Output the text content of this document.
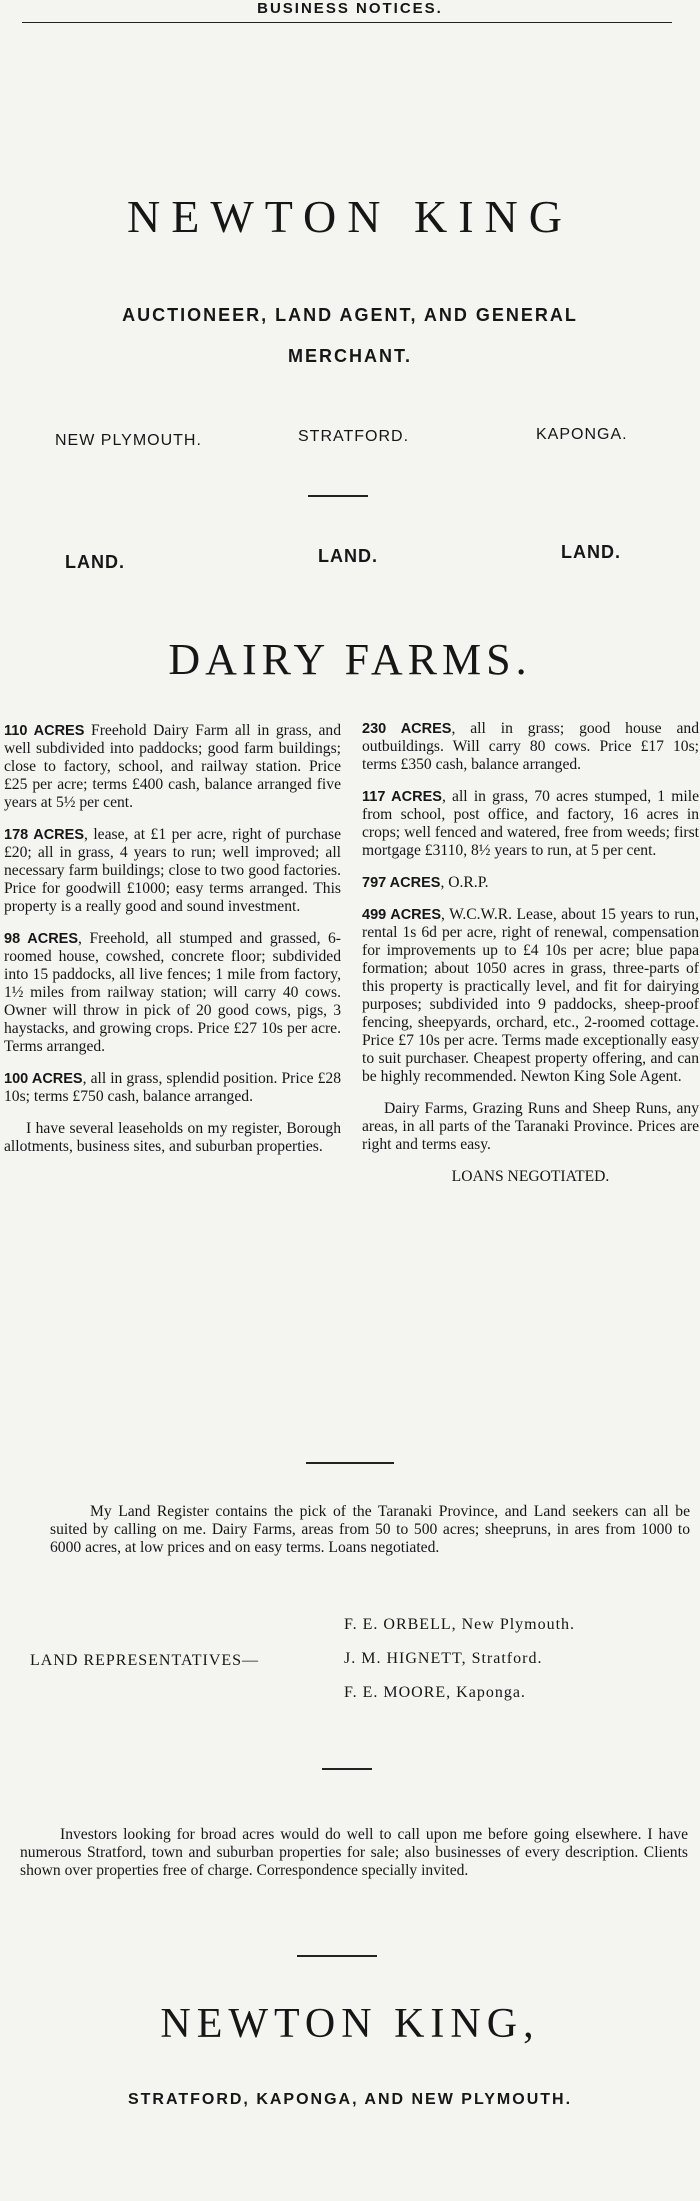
BUSINESS NOTICES.
NEWTON KING
AUCTIONEER, LAND AGENT, AND GENERAL
MERCHANT.
NEW PLYMOUTH.	STRATFORD.	KAPONGA.
LAND.	LAND.	LAND.
DAIRY FARMS.

110 ACRES Freehold Dairy Farm all in grass, and well subdivided into paddocks; good farm buildings; close to factory, school, and railway station. Price £25 per acre; terms £400 cash, balance arranged five years at 5½ per cent.

178 ACRES, lease, at £1 per acre, right of purchase £20; all in grass, 4 years to run; well improved; all necessary farm buildings; close to two good factories. Price for goodwill £1000; easy terms arranged. This property is a really good and sound investment.

98 ACRES, Freehold, all stumped and grassed, 6-roomed house, cowshed, concrete floor; subdivided into 15 paddocks, all live fences; 1 mile from factory, 1½ miles from railway station; will carry 40 cows. Owner will throw in pick of 20 good cows, pigs, 3 haystacks, and growing crops. Price £27 10s per acre. Terms arranged.

100 ACRES, all in grass, splendid position. Price £28 10s; terms £750 cash, balance arranged.

I have several leaseholds on my register, Borough allotments, business sites, and suburban properties.

230 ACRES, all in grass; good house and outbuildings. Will carry 80 cows. Price £17 10s; terms £350 cash, balance arranged.

117 ACRES, all in grass, 70 acres stumped, 1 mile from school, post office, and factory, 16 acres in crops; well fenced and watered, free from weeds; first mortgage £3110, 8½ years to run, at 5 per cent.

797 ACRES, O.R.P.

499 ACRES, W.C.W.R. Lease, about 15 years to run, rental 1s 6d per acre, right of renewal, compensation for improvements up to £4 10s per acre; blue papa formation; about 1050 acres in grass, three-parts of this property is practically level, and fit for dairying purposes; subdivided into 9 paddocks, sheep-proof fencing, sheepyards, orchard, etc., 2-roomed cottage. Price £7 10s per acre. Terms made exceptionally easy to suit purchaser. Cheapest property offering, and can be highly recommended. Newton King Sole Agent.

Dairy Farms, Grazing Runs and Sheep Runs, any areas, in all parts of the Taranaki Province. Prices are right and terms easy.

LOANS NEGOTIATED.

My Land Register contains the pick of the Taranaki Province, and Land seekers can all be suited by calling on me. Dairy Farms, areas from 50 to 500 acres; sheepruns, in ares from 1000 to 6000 acres, at low prices and on easy terms. Loans negotiated.

LAND REPRESENTATIVES—
F. E. ORBELL, New Plymouth.
J. M. HIGNETT, Stratford.
F. E. MOORE, Kaponga.

Investors looking for broad acres would do well to call upon me before going elsewhere. I have numerous Stratford, town and suburban properties for sale; also businesses of every description. Clients shown over properties free of charge. Correspondence specially invited.

NEWTON KING,
STRATFORD, KAPONGA, AND NEW PLYMOUTH.
